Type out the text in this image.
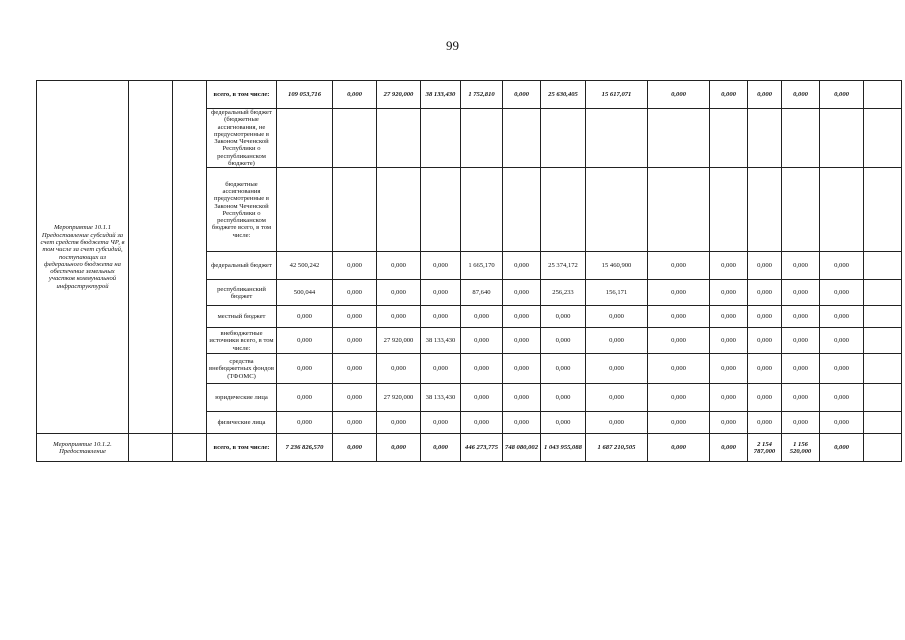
99
Мероприятие 10.1.1 Предоставление субсидий за счет средств бюджета ЧР, в том числе за счет субсидий, поступающих из федерального бюджета на обеспечение земельных участков коммунальной инфраструктурой			всего, в том числе:	109 053,716	0,000	27 920,000	38 133,430	1 752,810	0,000	25 630,405	15 617,071	0,000	0,000	0,000	0,000	0,000	
			федеральный бюджет (бюджетные ассигнования, не предусмотренные в Законом Чеченской Республики о республиканском бюджете)														
			бюджетные ассигнования предусмотренные в Законом Чеченской Республики о республиканском бюджете всего, в том числе:														
			федеральный бюджет	42 500,242	0,000	0,000	0,000	1 665,170	0,000	25 374,172	15 460,900	0,000	0,000	0,000	0,000	0,000	
			республиканский бюджет	500,044	0,000	0,000	0,000	87,640	0,000	256,233	156,171	0,000	0,000	0,000	0,000	0,000	
			местный бюджет	0,000	0,000	0,000	0,000	0,000	0,000	0,000	0,000	0,000	0,000	0,000	0,000	0,000	
			внебюджетные источники всего, в том числе:	0,000	0,000	27 920,000	38 133,430	0,000	0,000	0,000	0,000	0,000	0,000	0,000	0,000	0,000	
			средства внебюджетных фондов (ТФОМС)	0,000	0,000	0,000	0,000	0,000	0,000	0,000	0,000	0,000	0,000	0,000	0,000	0,000	
			юридические лица	0,000	0,000	27 920,000	38 133,430	0,000	0,000	0,000	0,000	0,000	0,000	0,000	0,000	0,000	
			физические лица	0,000	0,000	0,000	0,000	0,000	0,000	0,000	0,000	0,000	0,000	0,000	0,000	0,000	
Мероприятие 10.1.2. Предоставление			всего, в том числе:	7 236 826,570	0,000	0,000	0,000	446 273,775	748 080,002	1 043 955,088	1 687 210,505	0,000	0,000	2 154 787,000	1 156 520,000	0,000	
